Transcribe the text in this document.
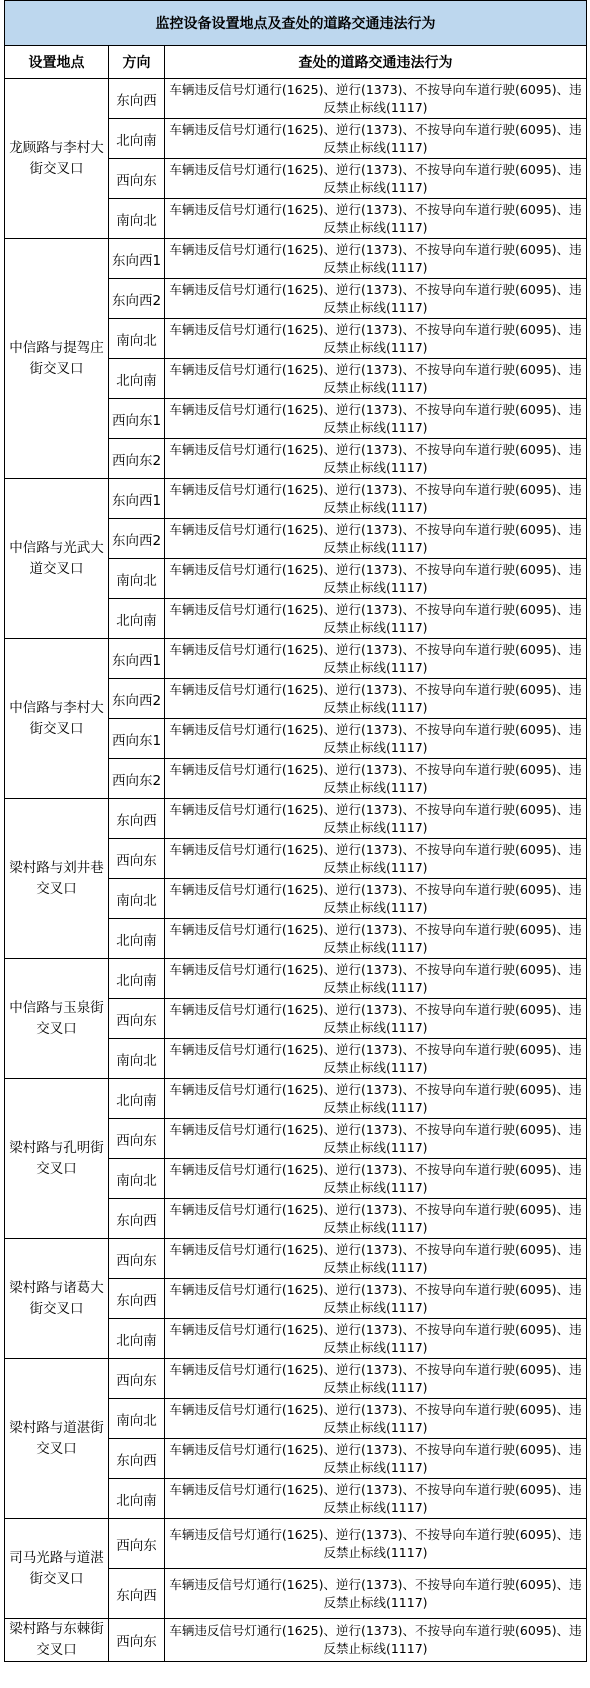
监控设备设置地点及查处的道路交通违法行为		
设置地点	方向	查处的道路交通违法行为
龙顾路与李村大街交叉口	东向西	车辆违反信号灯通行(1625)、逆行(1373)、不按导向车道行驶(6095)、违反禁止标线(1117)
	北向南	车辆违反信号灯通行(1625)、逆行(1373)、不按导向车道行驶(6095)、违反禁止标线(1117)
	西向东	车辆违反信号灯通行(1625)、逆行(1373)、不按导向车道行驶(6095)、违反禁止标线(1117)
	南向北	车辆违反信号灯通行(1625)、逆行(1373)、不按导向车道行驶(6095)、违反禁止标线(1117)
中信路与提驾庄街交叉口	东向西1	车辆违反信号灯通行(1625)、逆行(1373)、不按导向车道行驶(6095)、违反禁止标线(1117)
	东向西2	车辆违反信号灯通行(1625)、逆行(1373)、不按导向车道行驶(6095)、违反禁止标线(1117)
	南向北	车辆违反信号灯通行(1625)、逆行(1373)、不按导向车道行驶(6095)、违反禁止标线(1117)
	北向南	车辆违反信号灯通行(1625)、逆行(1373)、不按导向车道行驶(6095)、违反禁止标线(1117)
	西向东1	车辆违反信号灯通行(1625)、逆行(1373)、不按导向车道行驶(6095)、违反禁止标线(1117)
	西向东2	车辆违反信号灯通行(1625)、逆行(1373)、不按导向车道行驶(6095)、违反禁止标线(1117)
中信路与光武大道交叉口	东向西1	车辆违反信号灯通行(1625)、逆行(1373)、不按导向车道行驶(6095)、违反禁止标线(1117)
	东向西2	车辆违反信号灯通行(1625)、逆行(1373)、不按导向车道行驶(6095)、违反禁止标线(1117)
	南向北	车辆违反信号灯通行(1625)、逆行(1373)、不按导向车道行驶(6095)、违反禁止标线(1117)
	北向南	车辆违反信号灯通行(1625)、逆行(1373)、不按导向车道行驶(6095)、违反禁止标线(1117)
中信路与李村大街交叉口	东向西1	车辆违反信号灯通行(1625)、逆行(1373)、不按导向车道行驶(6095)、违反禁止标线(1117)
	东向西2	车辆违反信号灯通行(1625)、逆行(1373)、不按导向车道行驶(6095)、违反禁止标线(1117)
	西向东1	车辆违反信号灯通行(1625)、逆行(1373)、不按导向车道行驶(6095)、违反禁止标线(1117)
	西向东2	车辆违反信号灯通行(1625)、逆行(1373)、不按导向车道行驶(6095)、违反禁止标线(1117)
梁村路与刘井巷交叉口	东向西	车辆违反信号灯通行(1625)、逆行(1373)、不按导向车道行驶(6095)、违反禁止标线(1117)
	西向东	车辆违反信号灯通行(1625)、逆行(1373)、不按导向车道行驶(6095)、违反禁止标线(1117)
	南向北	车辆违反信号灯通行(1625)、逆行(1373)、不按导向车道行驶(6095)、违反禁止标线(1117)
	北向南	车辆违反信号灯通行(1625)、逆行(1373)、不按导向车道行驶(6095)、违反禁止标线(1117)
中信路与玉泉街交叉口	北向南	车辆违反信号灯通行(1625)、逆行(1373)、不按导向车道行驶(6095)、违反禁止标线(1117)
	西向东	车辆违反信号灯通行(1625)、逆行(1373)、不按导向车道行驶(6095)、违反禁止标线(1117)
	南向北	车辆违反信号灯通行(1625)、逆行(1373)、不按导向车道行驶(6095)、违反禁止标线(1117)
梁村路与孔明街交叉口	北向南	车辆违反信号灯通行(1625)、逆行(1373)、不按导向车道行驶(6095)、违反禁止标线(1117)
	西向东	车辆违反信号灯通行(1625)、逆行(1373)、不按导向车道行驶(6095)、违反禁止标线(1117)
	南向北	车辆违反信号灯通行(1625)、逆行(1373)、不按导向车道行驶(6095)、违反禁止标线(1117)
	东向西	车辆违反信号灯通行(1625)、逆行(1373)、不按导向车道行驶(6095)、违反禁止标线(1117)
梁村路与诸葛大街交叉口	西向东	车辆违反信号灯通行(1625)、逆行(1373)、不按导向车道行驶(6095)、违反禁止标线(1117)
	东向西	车辆违反信号灯通行(1625)、逆行(1373)、不按导向车道行驶(6095)、违反禁止标线(1117)
	北向南	车辆违反信号灯通行(1625)、逆行(1373)、不按导向车道行驶(6095)、违反禁止标线(1117)
梁村路与道湛街交叉口	西向东	车辆违反信号灯通行(1625)、逆行(1373)、不按导向车道行驶(6095)、违反禁止标线(1117)
	南向北	车辆违反信号灯通行(1625)、逆行(1373)、不按导向车道行驶(6095)、违反禁止标线(1117)
	东向西	车辆违反信号灯通行(1625)、逆行(1373)、不按导向车道行驶(6095)、违反禁止标线(1117)
	北向南	车辆违反信号灯通行(1625)、逆行(1373)、不按导向车道行驶(6095)、违反禁止标线(1117)
司马光路与道湛街交叉口	西向东	车辆违反信号灯通行(1625)、逆行(1373)、不按导向车道行驶(6095)、违反禁止标线(1117)
	东向西	车辆违反信号灯通行(1625)、逆行(1373)、不按导向车道行驶(6095)、违反禁止标线(1117)
梁村路与东棘街交叉口	西向东	车辆违反信号灯通行(1625)、逆行(1373)、不按导向车道行驶(6095)、违反禁止标线(1117)
